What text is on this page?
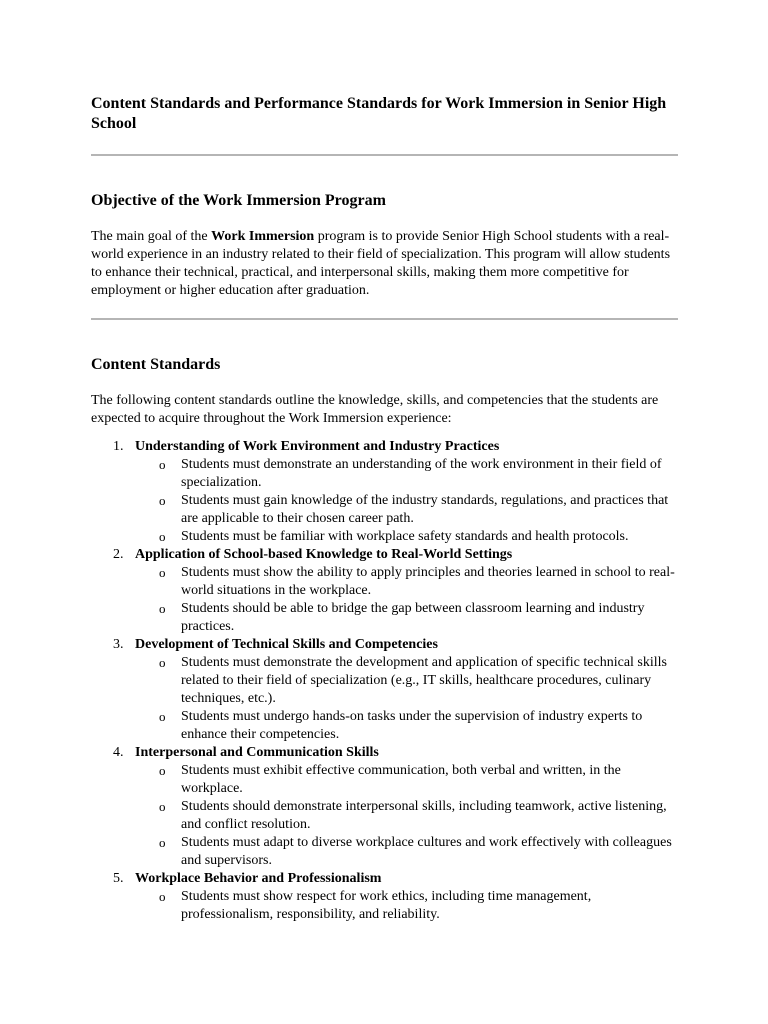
Content Standards and Performance Standards for Work Immersion in Senior High School
Objective of the Work Immersion Program

The main goal of the Work Immersion program is to provide Senior High School students with a real-world experience in an industry related to their field of specialization. This program will allow students to enhance their technical, practical, and interpersonal skills, making them more competitive for employment or higher education after graduation.

Content Standards

The following content standards outline the knowledge, skills, and competencies that the students are expected to acquire throughout the Work Immersion experience:

1. Understanding of Work Environment and Industry Practices
o Students must demonstrate an understanding of the work environment in their field of specialization.
o Students must gain knowledge of the industry standards, regulations, and practices that are applicable to their chosen career path.
o Students must be familiar with workplace safety standards and health protocols.
2. Application of School-based Knowledge to Real-World Settings
o Students must show the ability to apply principles and theories learned in school to real-world situations in the workplace.
o Students should be able to bridge the gap between classroom learning and industry practices.
3. Development of Technical Skills and Competencies
o Students must demonstrate the development and application of specific technical skills related to their field of specialization (e.g., IT skills, healthcare procedures, culinary techniques, etc.).
o Students must undergo hands-on tasks under the supervision of industry experts to enhance their competencies.
4. Interpersonal and Communication Skills
o Students must exhibit effective communication, both verbal and written, in the workplace.
o Students should demonstrate interpersonal skills, including teamwork, active listening, and conflict resolution.
o Students must adapt to diverse workplace cultures and work effectively with colleagues and supervisors.
5. Workplace Behavior and Professionalism
o Students must show respect for work ethics, including time management, professionalism, responsibility, and reliability.
